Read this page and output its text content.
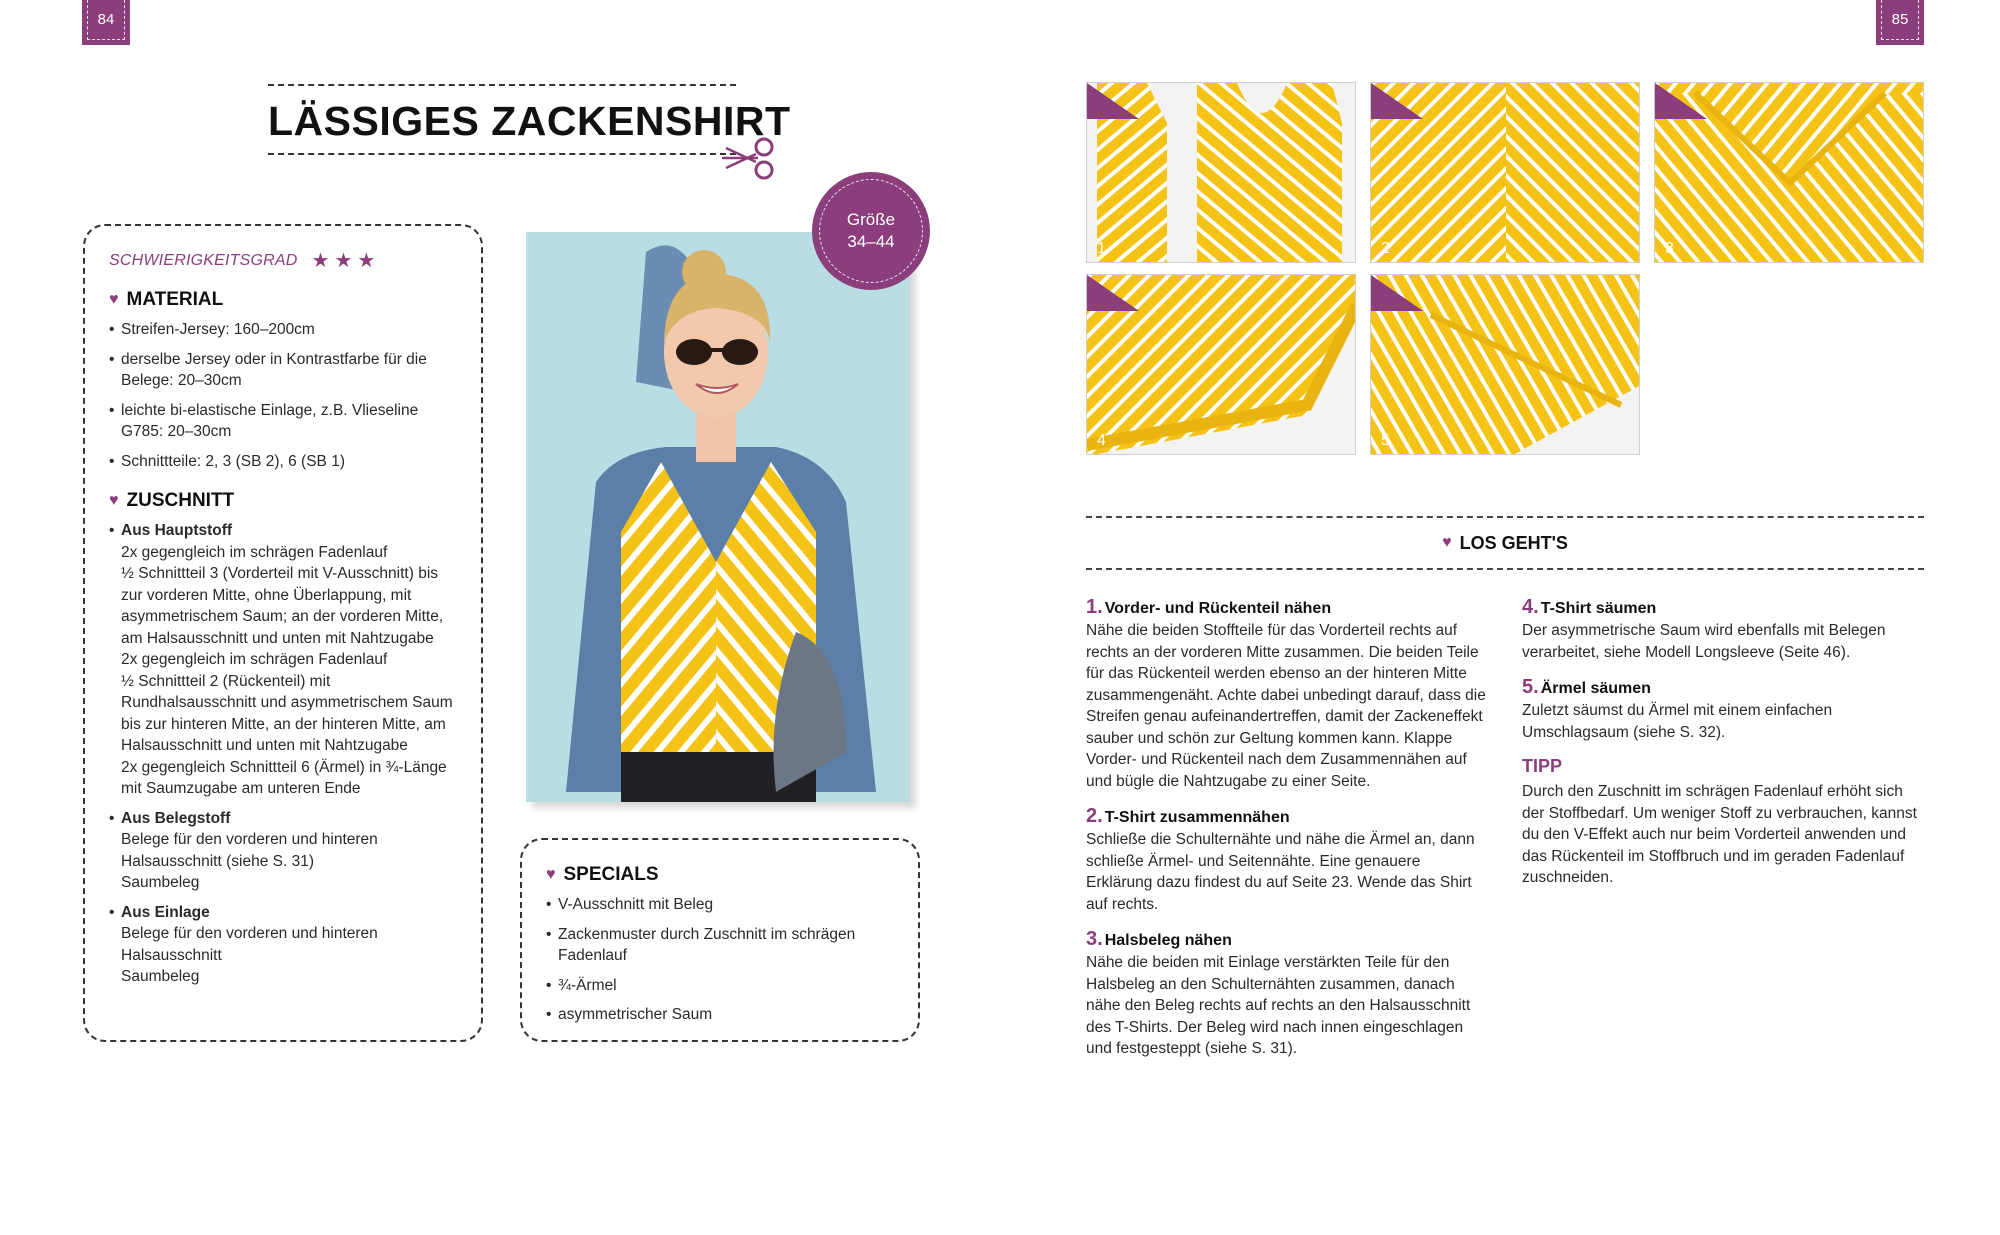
84	85
LÄSSIGES ZACKENSHIRT
SCHWIERIGKEITSGRAD ★ ★ ★
♥ MATERIAL
• Streifen-Jersey: 160–200cm
• derselbe Jersey oder in Kontrastfarbe für die Belege: 20–30cm
• leichte bi-elastische Einlage, z.B. Vlieseline G785: 20–30cm
• Schnittteile: 2, 3 (SB 2), 6 (SB 1)
♥ ZUSCHNITT
• Aus Hauptstoff
2x gegengleich im schrägen Fadenlauf
½ Schnittteil 3 (Vorderteil mit V-Ausschnitt) bis zur vorderen Mitte, ohne Überlappung, mit asymmetrischem Saum; an der vorderen Mitte, am Halsausschnitt und unten mit Nahtzugabe
2x gegengleich im schrägen Fadenlauf
½ Schnittteil 2 (Rückenteil) mit Rundhalsausschnitt und asymmetrischem Saum bis zur hinteren Mitte, an der hinteren Mitte, am Halsausschnitt und unten mit Nahtzugabe
2x gegengleich Schnittteil 6 (Ärmel) in ¾-Länge mit Saumzugabe am unteren Ende
• Aus Belegstoff
Belege für den vorderen und hinteren Halsausschnitt (siehe S. 31)
Saumbeleg
• Aus Einlage
Belege für den vorderen und hinteren Halsausschnitt
Saumbeleg
Größe
34–44
♥ SPECIALS
• V-Ausschnitt mit Beleg
• Zackenmuster durch Zuschnitt im schrägen Fadenlauf
• ¾-Ärmel
• asymmetrischer Saum
1	2	3
4	5
♥ LOS GEHT'S
1. Vorder- und Rückenteil nähen
Nähe die beiden Stoffteile für das Vorderteil rechts auf rechts an der vorderen Mitte zusammen. Die beiden Teile für das Rückenteil werden ebenso an der hinteren Mitte zusammengenäht. Achte dabei unbedingt darauf, dass die Streifen genau aufeinandertreffen, damit der Zackeneffekt sauber und schön zur Geltung kommen kann. Klappe Vorder- und Rückenteil nach dem Zusammennähen auf und bügle die Nahtzugabe zu einer Seite.
2. T-Shirt zusammennähen
Schließe die Schulternähte und nähe die Ärmel an, dann schließe Ärmel- und Seitennähte. Eine genauere Erklärung dazu findest du auf Seite 23. Wende das Shirt auf rechts.
3. Halsbeleg nähen
Nähe die beiden mit Einlage verstärkten Teile für den Halsbeleg an den Schulternähten zusammen, danach nähe den Beleg rechts auf rechts an den Halsausschnitt des T-Shirts. Der Beleg wird nach innen eingeschlagen und festgesteppt (siehe S. 31).
4. T-Shirt säumen
Der asymmetrische Saum wird ebenfalls mit Belegen verarbeitet, siehe Modell Longsleeve (Seite 46).
5. Ärmel säumen
Zuletzt säumst du Ärmel mit einem einfachen Umschlagsaum (siehe S. 32).
TIPP
Durch den Zuschnitt im schrägen Fadenlauf erhöht sich der Stoffbedarf. Um weniger Stoff zu verbrauchen, kannst du den V-Effekt auch nur beim Vorderteil anwenden und das Rückenteil im Stoffbruch und im geraden Fadenlauf zuschneiden.
